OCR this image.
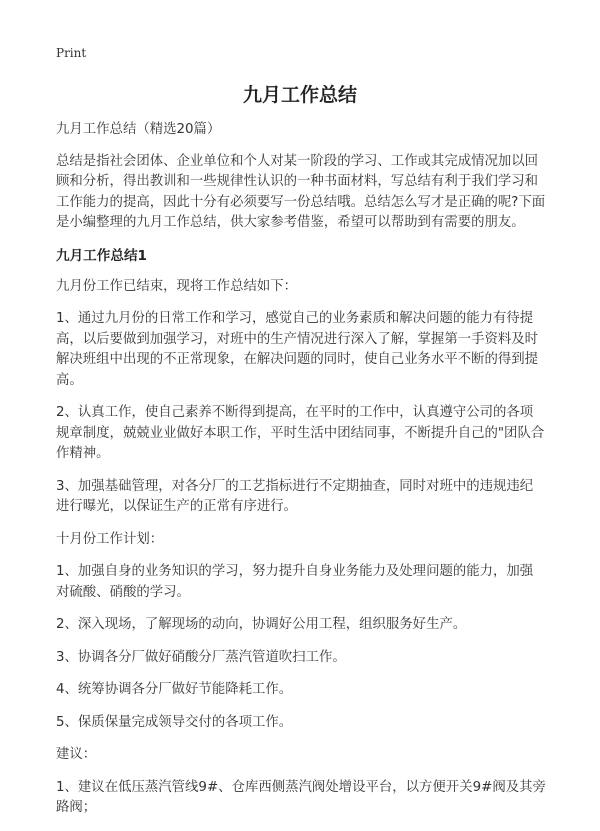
Print
九月工作总结

九月工作总结（精选20篇）

总结是指社会团体、企业单位和个人对某一阶段的学习、工作或其完成情况加以回顾和分析，得出教训和一些规律性认识的一种书面材料，写总结有利于我们学习和工作能力的提高，因此十分有必须要写一份总结哦。总结怎么写才是正确的呢?下面是小编整理的九月工作总结，供大家参考借鉴，希望可以帮助到有需要的朋友。

九月工作总结1

九月份工作已结束，现将工作总结如下：

1、通过九月份的日常工作和学习，感觉自己的业务素质和解决问题的能力有待提高，以后要做到加强学习，对班中的生产情况进行深入了解，掌握第一手资料及时解决班组中出现的不正常现象，在解决问题的同时，使自己业务水平不断的得到提高。

2、认真工作，使自己素养不断得到提高，在平时的工作中，认真遵守公司的各项规章制度，兢兢业业做好本职工作，平时生活中团结同事，不断提升自己的"团队合作精神。

3、加强基础管理，对各分厂的工艺指标进行不定期抽查，同时对班中的违规违纪进行曝光，以保证生产的正常有序进行。

十月份工作计划：

1、加强自身的业务知识的学习，努力提升自身业务能力及处理问题的能力，加强对硫酸、硝酸的学习。

2、深入现场，了解现场的动向，协调好公用工程，组织服务好生产。

3、协调各分厂做好硝酸分厂蒸汽管道吹扫工作。

4、统筹协调各分厂做好节能降耗工作。

5、保质保量完成领导交付的各项工作。

建议：

1、建议在低压蒸汽管线9#、仓库西侧蒸汽阀处增设平台，以方便开关9#阀及其旁路阀；
